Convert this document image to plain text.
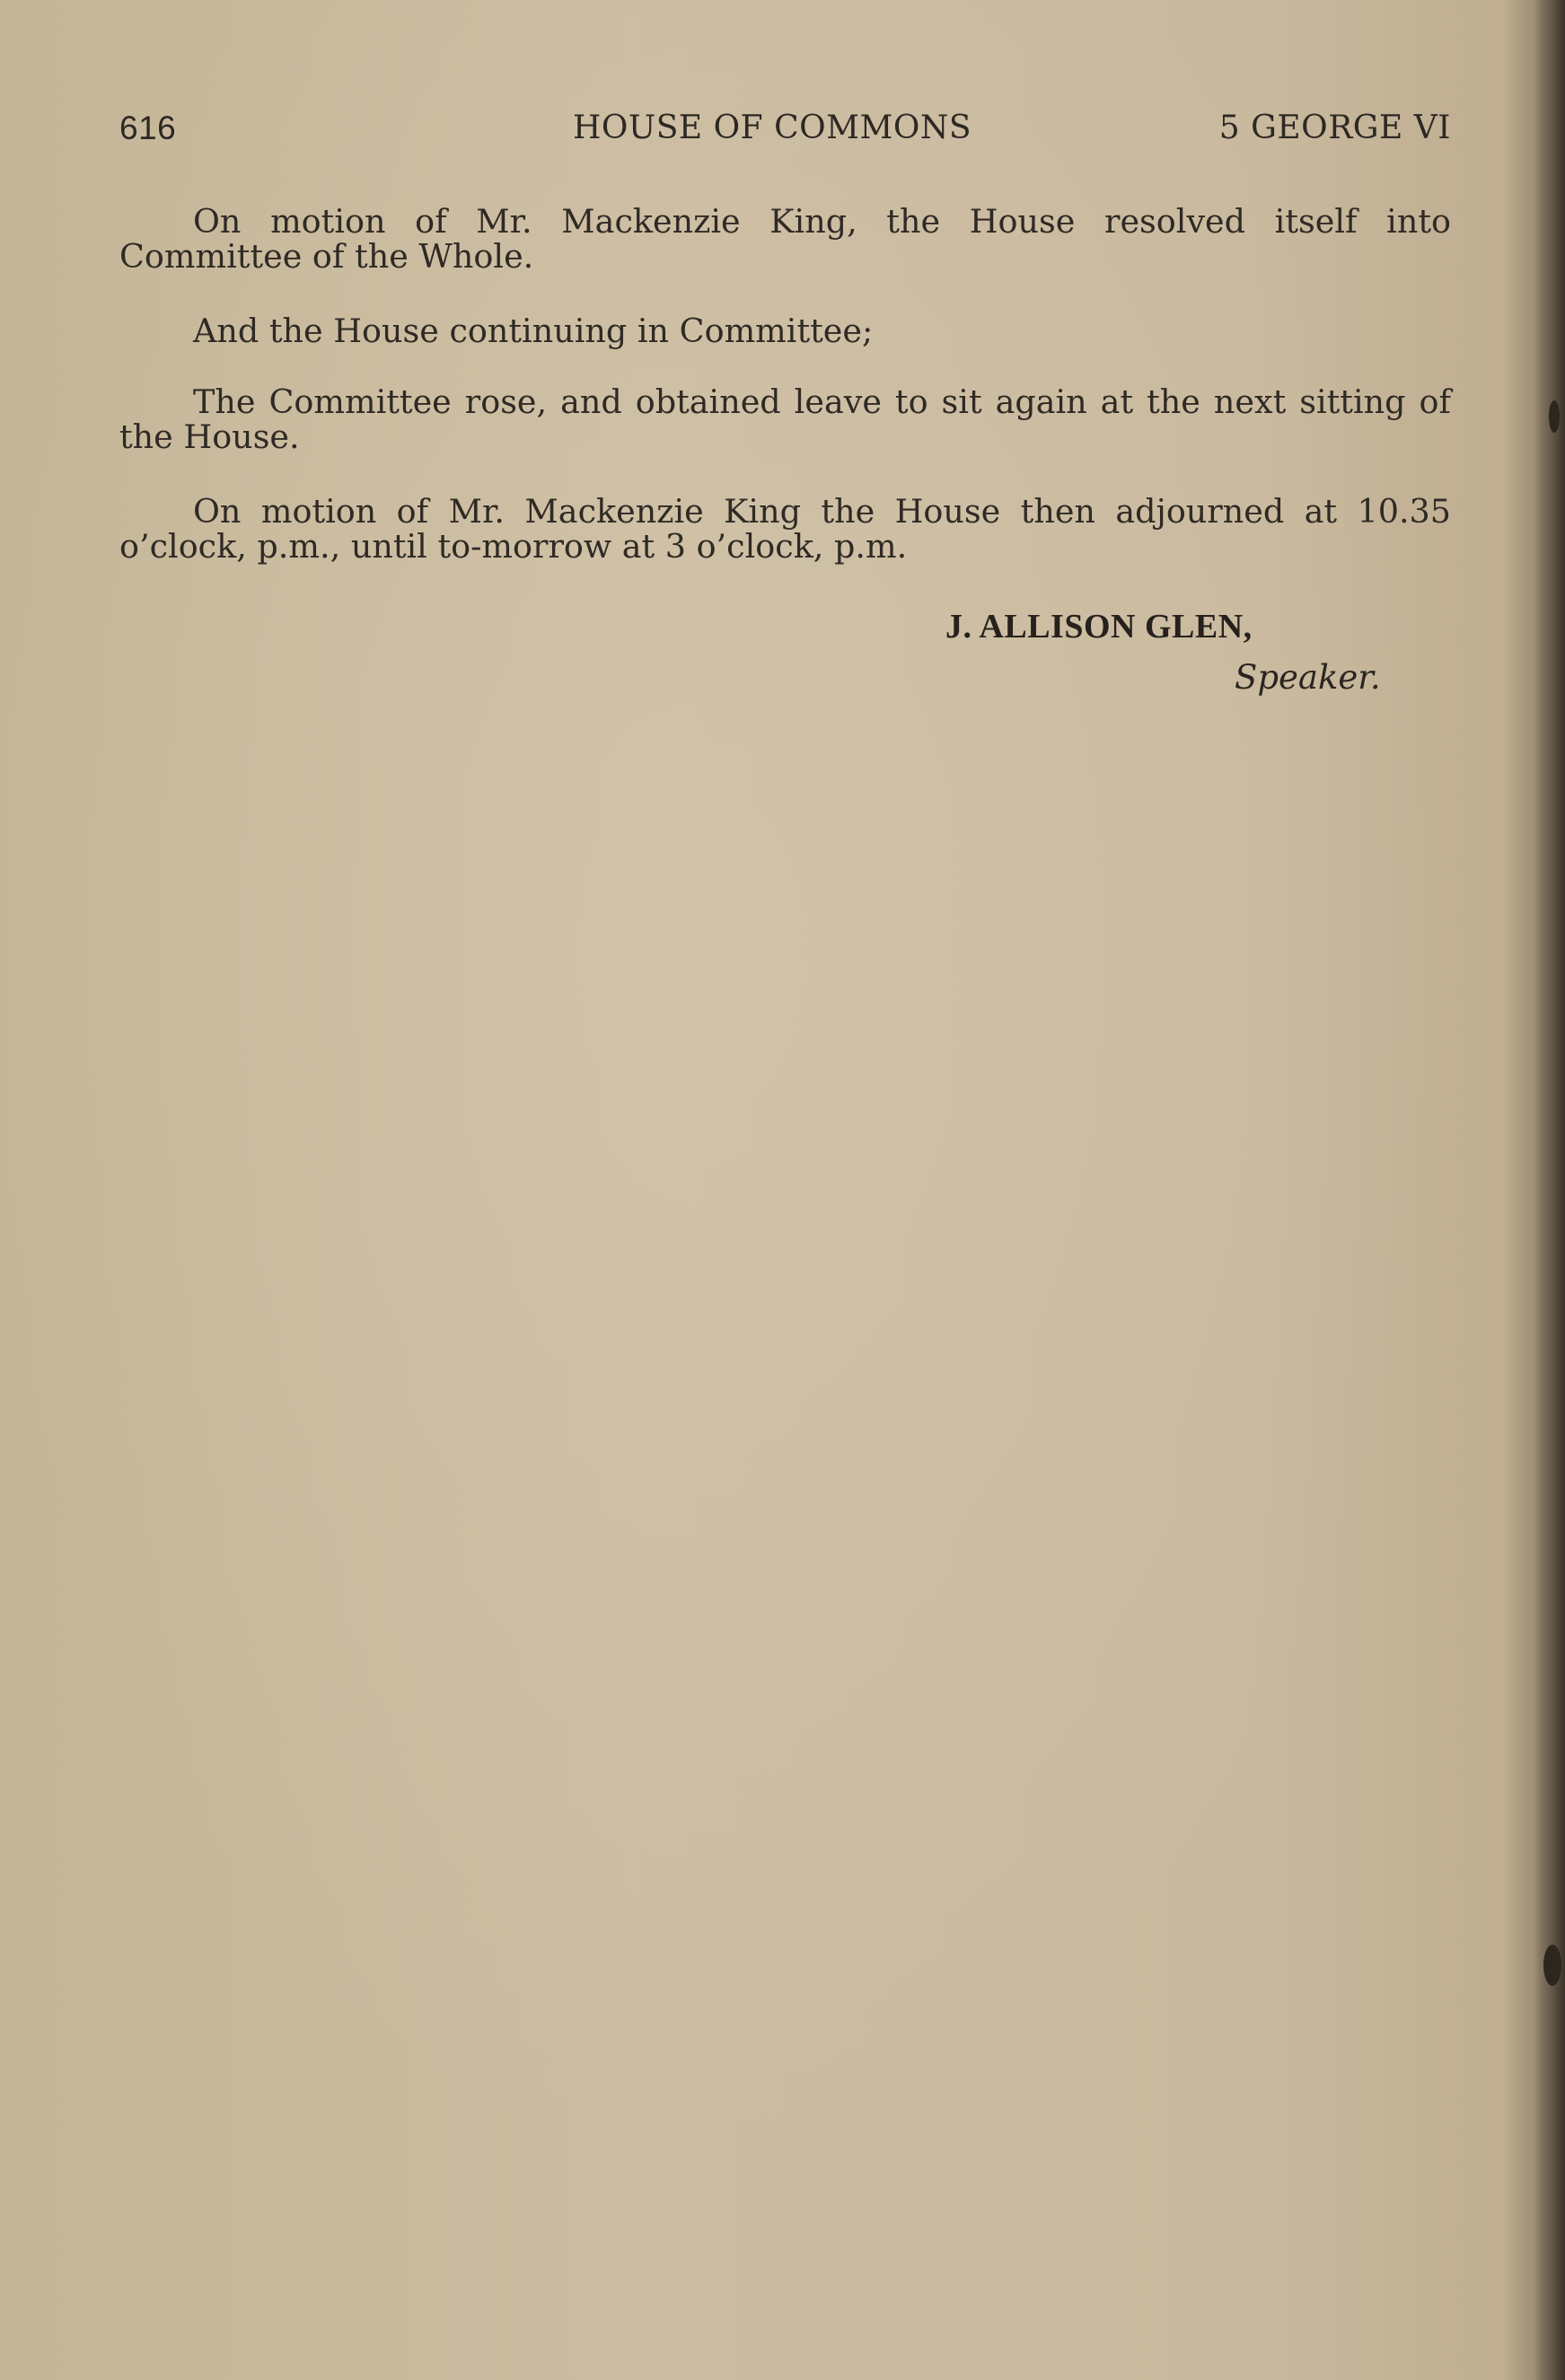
616	HOUSE OF COMMONS	5 GEORGE VI

On motion of Mr. Mackenzie King, the House resolved itself into Committee of the Whole.

And the House continuing in Committee;

The Committee rose, and obtained leave to sit again at the next sitting of the House.

On motion of Mr. Mackenzie King the House then adjourned at 10.35 o’clock, p.m., until to-morrow at 3 o’clock, p.m.

J. ALLISON GLEN,
Speaker.
